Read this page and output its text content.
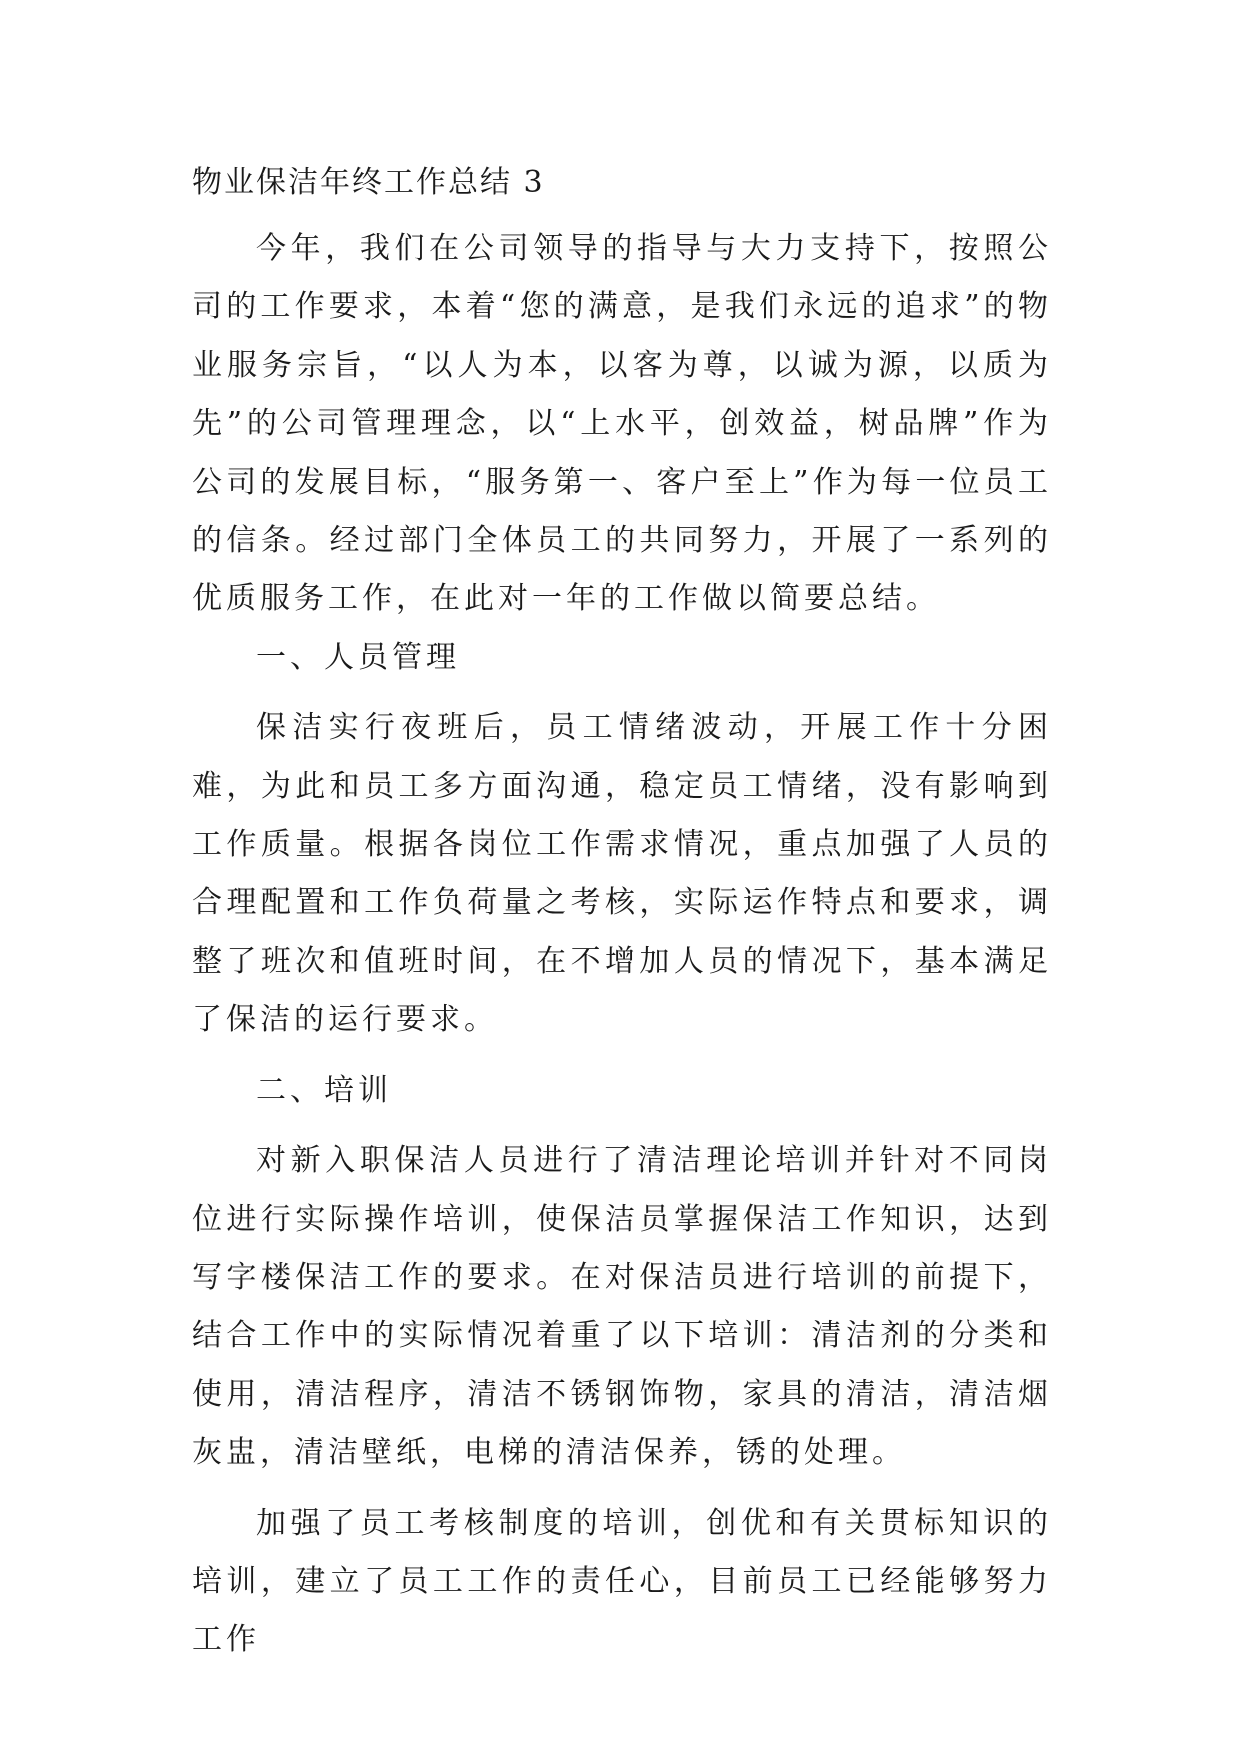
物业保洁年终工作总结 3

今年，我们在公司领导的指导与大力支持下，按照公司的工作要求，本着“您的满意，是我们永远的追求”的物业服务宗旨，“以人为本，以客为尊，以诚为源，以质为先”的公司管理理念，以“上水平，创效益，树品牌”作为公司的发展目标，“服务第一、客户至上”作为每一位员工的信条。经过部门全体员工的共同努力，开展了一系列的优质服务工作，在此对一年的工作做以简要总结。

一、人员管理

保洁实行夜班后，员工情绪波动，开展工作十分困难，为此和员工多方面沟通，稳定员工情绪，没有影响到工作质量。根据各岗位工作需求情况，重点加强了人员的合理配置和工作负荷量之考核，实际运作特点和要求，调整了班次和值班时间，在不增加人员的情况下，基本满足了保洁的运行要求。

二、培训

对新入职保洁人员进行了清洁理论培训并针对不同岗位进行实际操作培训，使保洁员掌握保洁工作知识，达到写字楼保洁工作的要求。在对保洁员进行培训的前提下，结合工作中的实际情况着重了以下培训：清洁剂的分类和使用，清洁程序，清洁不锈钢饰物，家具的清洁，清洁烟灰盅，清洁壁纸，电梯的清洁保养，锈的处理。

加强了员工考核制度的培训，创优和有关贯标知识的培训，建立了员工工作的责任心，目前员工已经能够努力工作
